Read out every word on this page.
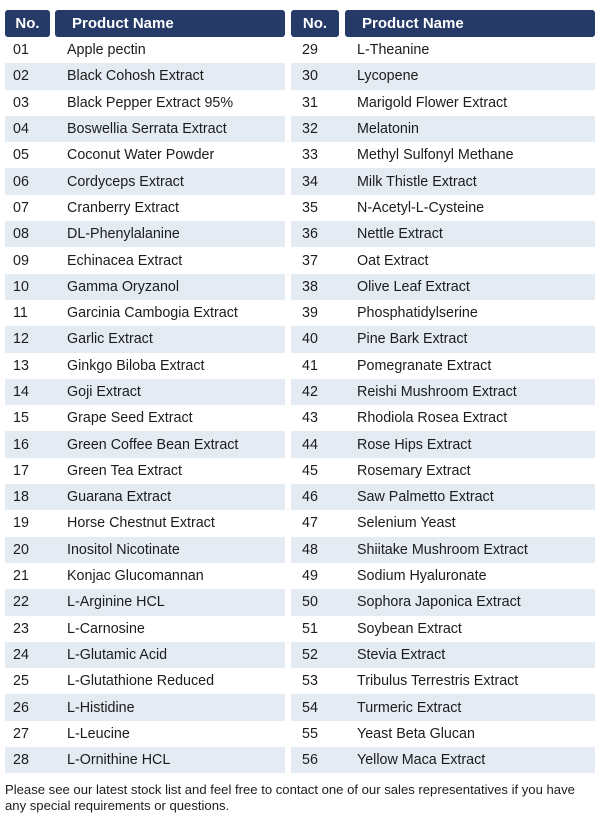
No.	Product Name
01	Apple pectin
02	Black Cohosh Extract
03	Black Pepper Extract 95%
04	Boswellia Serrata Extract
05	Coconut Water Powder
06	Cordyceps Extract
07	Cranberry Extract
08	DL-Phenylalanine
09	Echinacea Extract
10	Gamma Oryzanol
11	Garcinia Cambogia Extract
12	Garlic Extract
13	Ginkgo Biloba Extract
14	Goji Extract
15	Grape Seed Extract
16	Green Coffee Bean Extract
17	Green Tea Extract
18	Guarana Extract
19	Horse Chestnut Extract
20	Inositol Nicotinate
21	Konjac Glucomannan
22	L-Arginine HCL
23	L-Carnosine
24	L-Glutamic Acid
25	L-Glutathione Reduced
26	L-Histidine
27	L-Leucine
28	L-Ornithine HCL
No.	Product Name
29	L-Theanine
30	Lycopene
31	Marigold Flower Extract
32	Melatonin
33	Methyl Sulfonyl Methane
34	Milk Thistle Extract
35	N-Acetyl-L-Cysteine
36	Nettle Extract
37	Oat Extract
38	Olive Leaf Extract
39	Phosphatidylserine
40	Pine Bark Extract
41	Pomegranate Extract
42	Reishi Mushroom Extract
43	Rhodiola Rosea Extract
44	Rose Hips Extract
45	Rosemary Extract
46	Saw Palmetto Extract
47	Selenium Yeast
48	Shiitake Mushroom Extract
49	Sodium Hyaluronate
50	Sophora Japonica Extract
51	Soybean Extract
52	Stevia Extract
53	Tribulus Terrestris Extract
54	Turmeric Extract
55	Yeast Beta Glucan
56	Yellow Maca Extract
Please see our latest stock list and feel free to contact one of our sales representatives if you have any special requirements or questions.
